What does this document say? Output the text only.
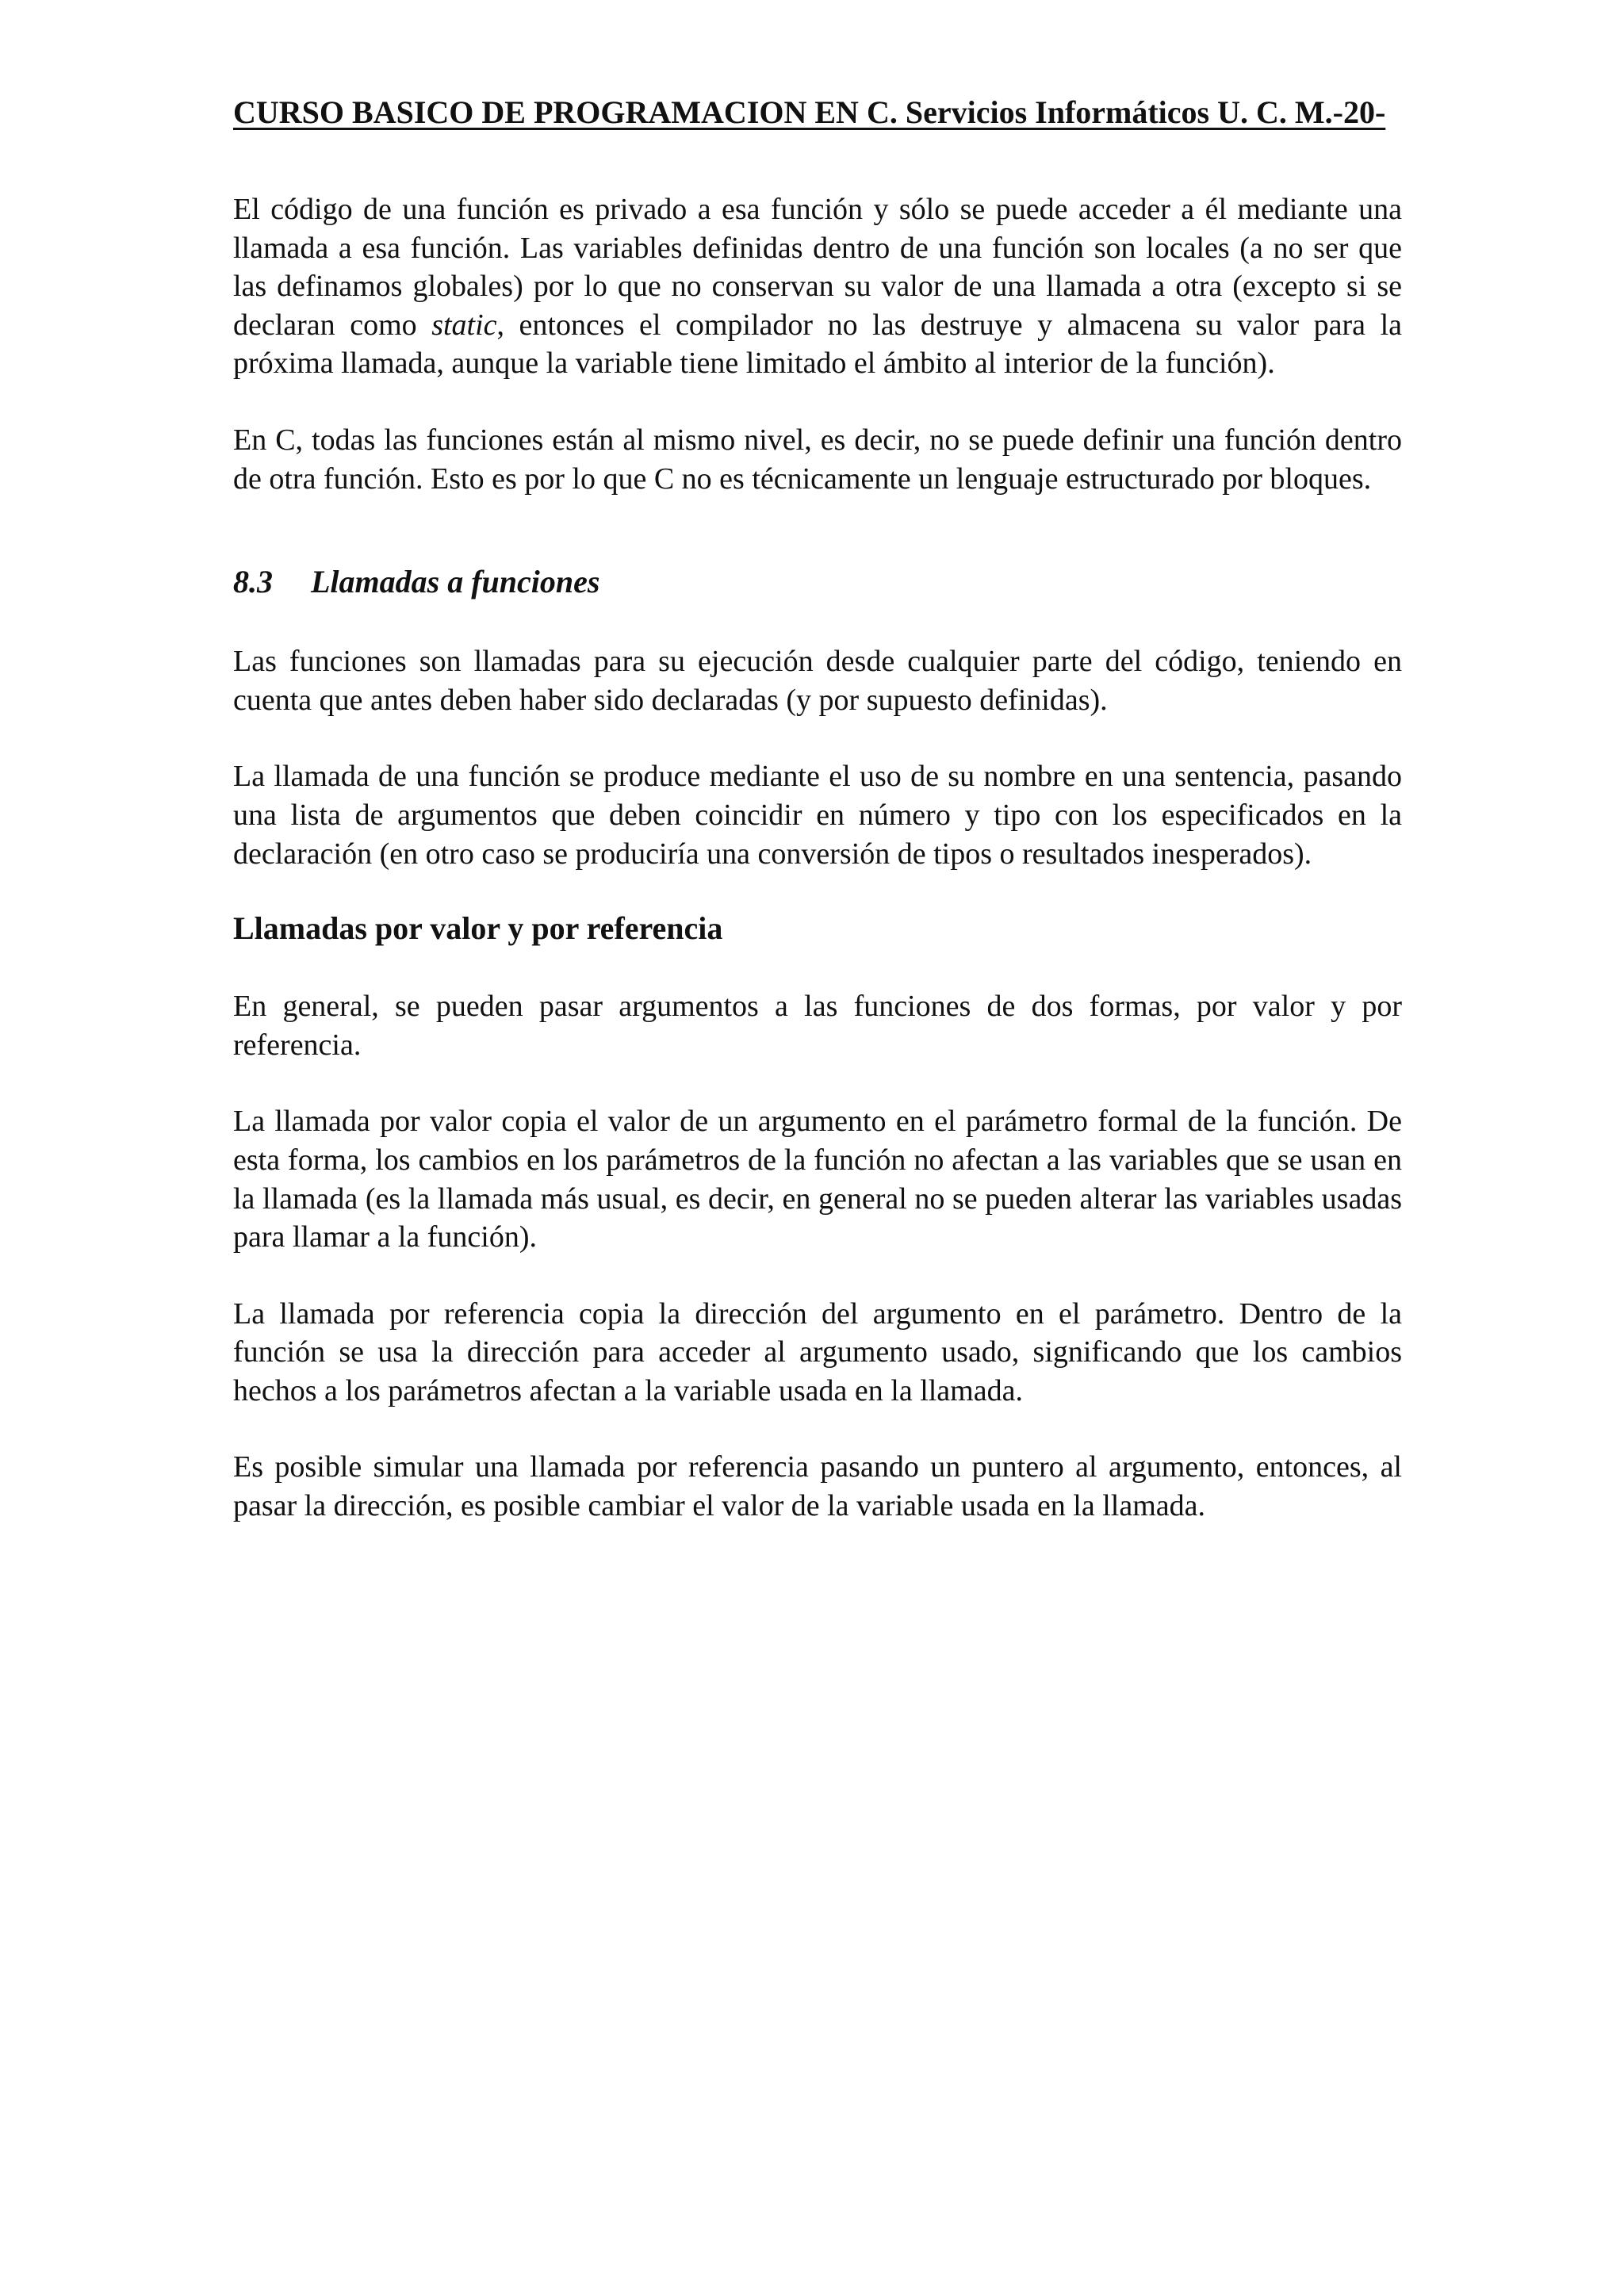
CURSO BASICO DE PROGRAMACION EN C. Servicios Informáticos U. C. M.-20-

El código de una función es privado a esa función y sólo se puede acceder a él mediante una llamada a esa función. Las variables definidas dentro de una función son locales (a no ser que las definamos globales) por lo que no conservan su valor de una llamada a otra (excepto si se declaran como static, entonces el compilador no las destruye y almacena su valor para la próxima llamada, aunque la variable tiene limitado el ámbito al interior de la función).

En C, todas las funciones están al mismo nivel, es decir, no se puede definir una función dentro de otra función. Esto es por lo que C no es técnicamente un lenguaje estructurado por bloques.

8.3 Llamadas a funciones

Las funciones son llamadas para su ejecución desde cualquier parte del código, teniendo en cuenta que antes deben haber sido declaradas (y por supuesto definidas).

La llamada de una función se produce mediante el uso de su nombre en una sentencia, pasando una lista de argumentos que deben coincidir en número y tipo con los especificados en la declaración (en otro caso se produciría una conversión de tipos o resultados inesperados).

Llamadas por valor y por referencia

En general, se pueden pasar argumentos a las funciones de dos formas, por valor y por referencia.

La llamada por valor copia el valor de un argumento en el parámetro formal de la función. De esta forma, los cambios en los parámetros de la función no afectan a las variables que se usan en la llamada (es la llamada más usual, es decir, en general no se pueden alterar las variables usadas para llamar a la función).

La llamada por referencia copia la dirección del argumento en el parámetro. Dentro de la función se usa la dirección para acceder al argumento usado, significando que los cambios hechos a los parámetros afectan a la variable usada en la llamada.

Es posible simular una llamada por referencia pasando un puntero al argumento, entonces, al pasar la dirección, es posible cambiar el valor de la variable usada en la llamada.
